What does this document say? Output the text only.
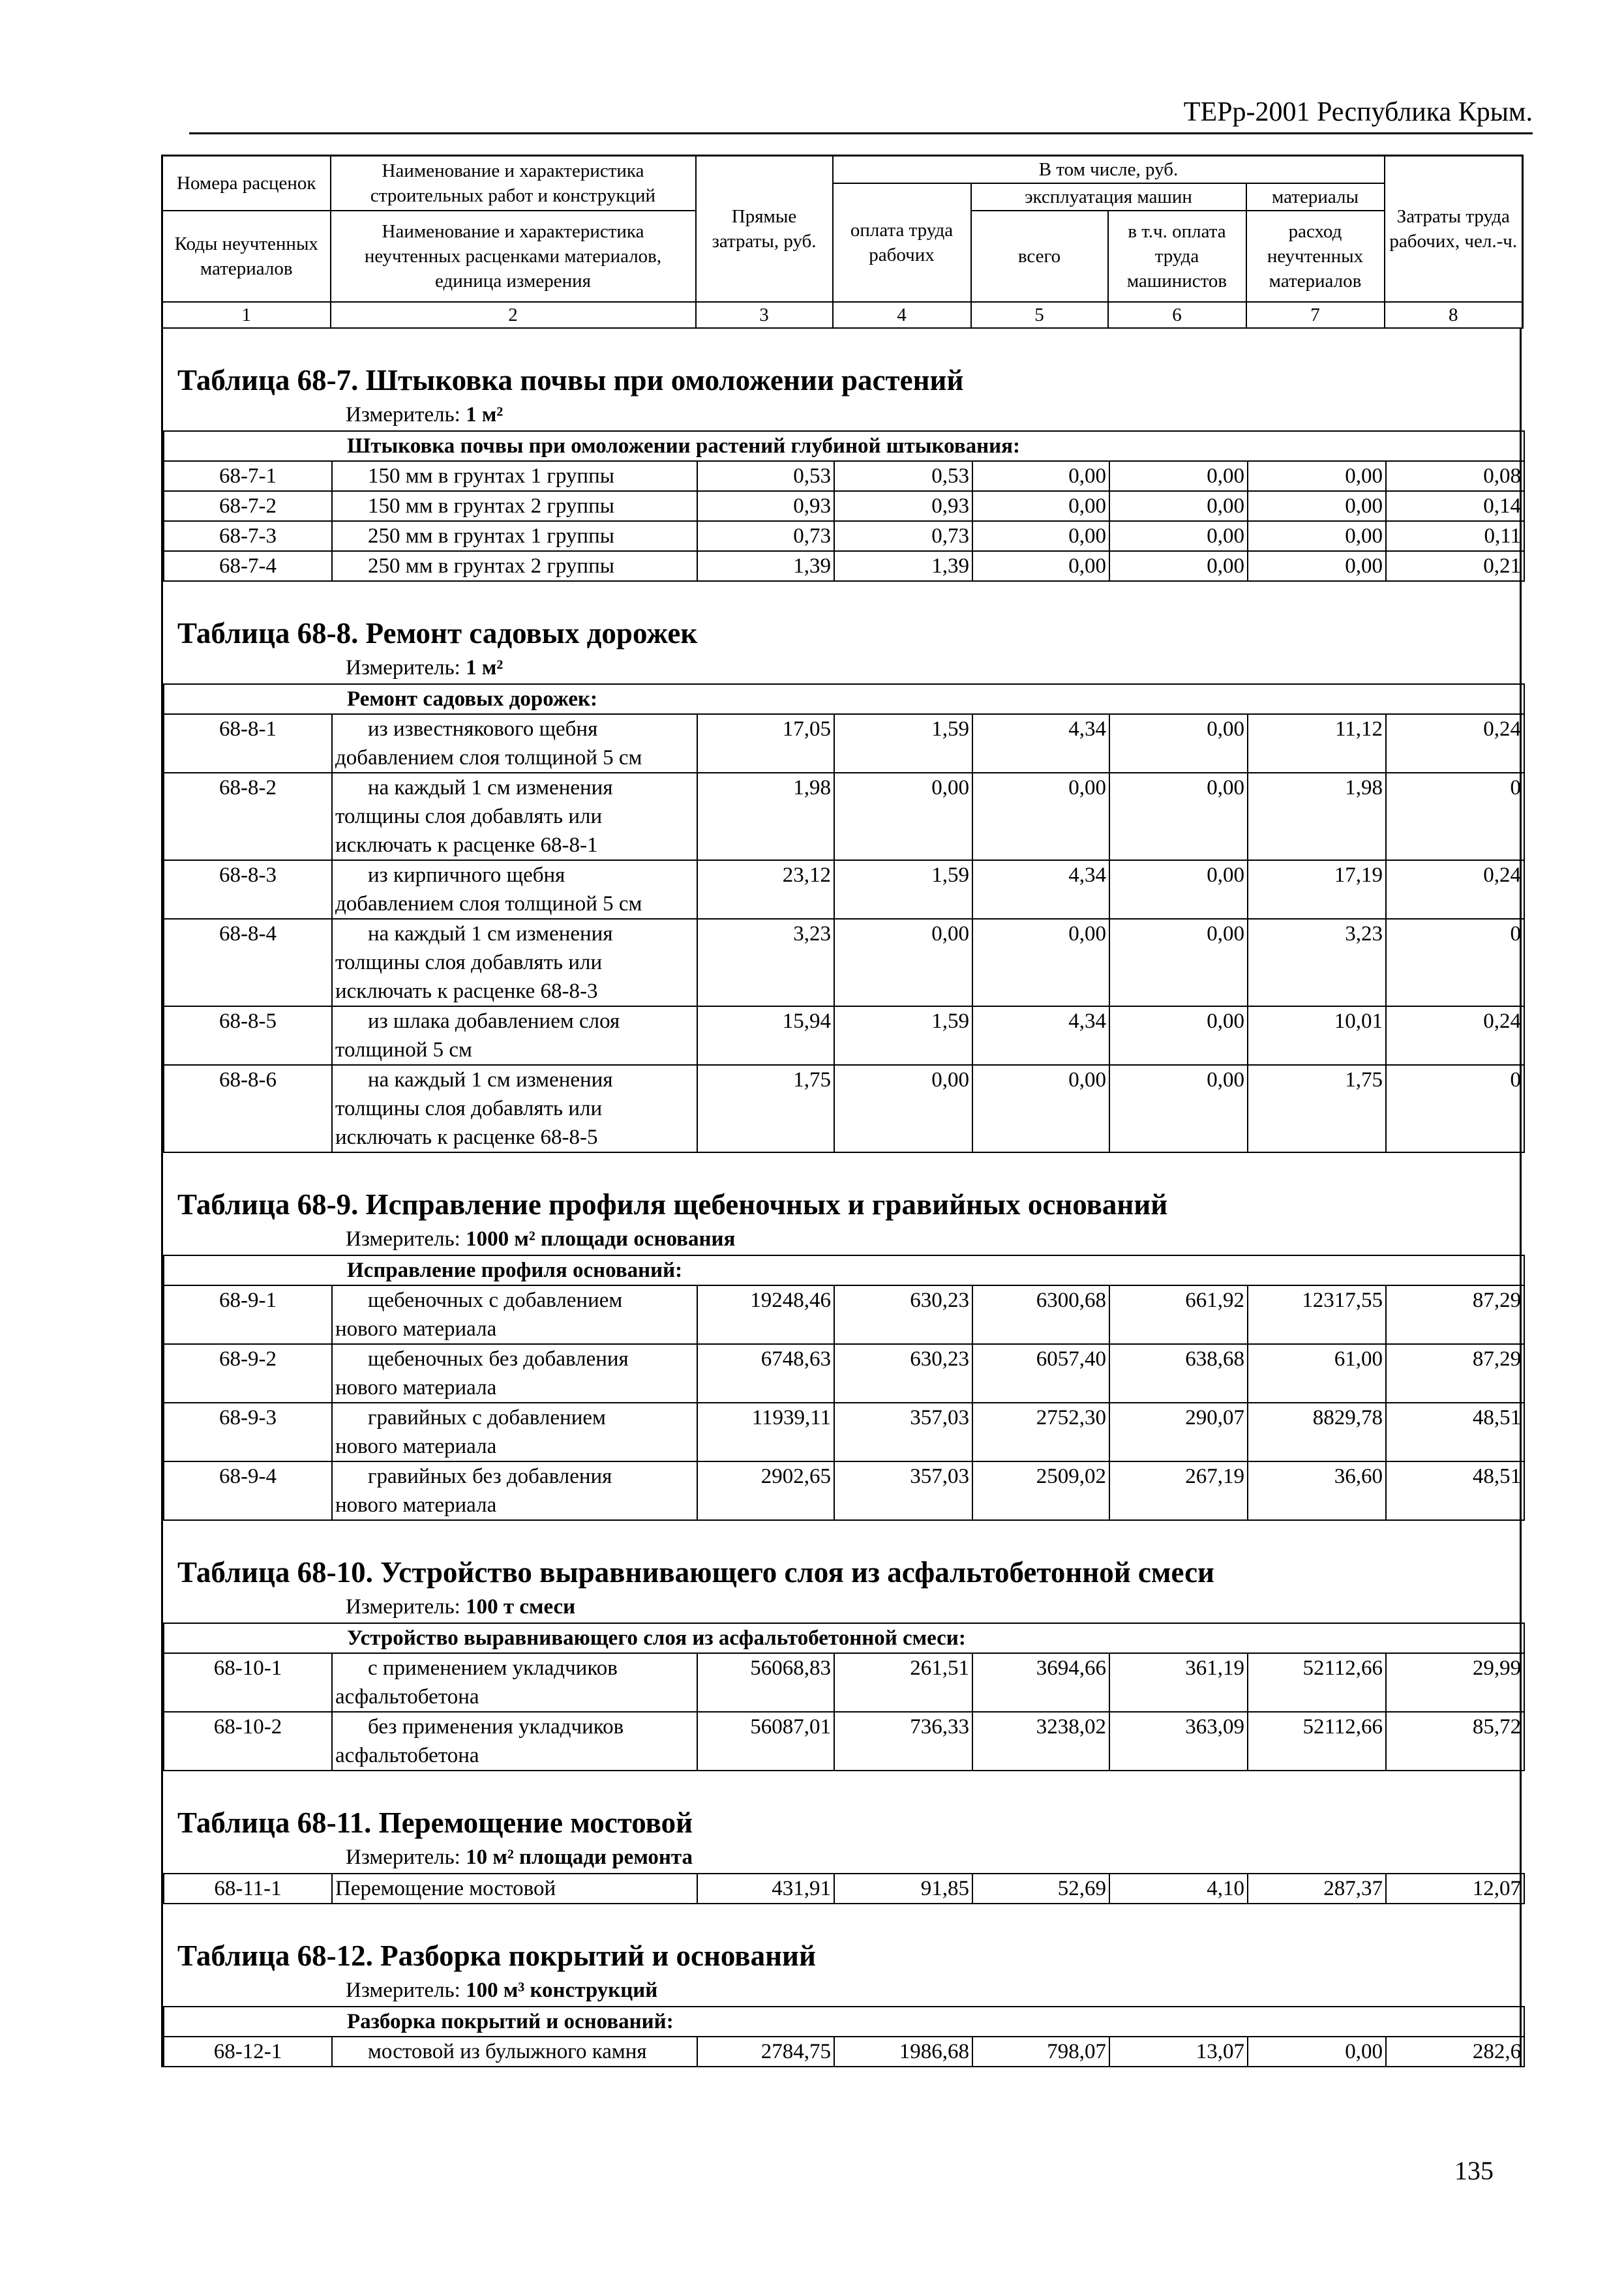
ТЕРр-2001 Республика Крым.
Номера расценок	Наименование и характеристика строительных работ и конструкций	Прямые затраты, руб.	В том числе, руб.				Затраты труда рабочих, чел.-ч.
			оплата труда рабочих	эксплуатация машин		материалы	
Коды неучтенных материалов	Наименование и характеристика неучтенных расценками материалов, единица измерения			всего	в т.ч. оплата труда машинистов	расход неучтенных материалов	

1	2	3	4	5	6	7	8
Таблица 68-7. Штыковка почвы при омоложении растений
Измеритель: 1 м²
Штыковка почвы при омоложении растений глубиной штыкования:							
68-7-1	150 мм в грунтах 1 группы	0,53	0,53	0,00	0,00	0,00	0,08
68-7-2	150 мм в грунтах 2 группы	0,93	0,93	0,00	0,00	0,00	0,14
68-7-3	250 мм в грунтах 1 группы	0,73	0,73	0,00	0,00	0,00	0,11
68-7-4	250 мм в грунтах 2 группы	1,39	1,39	0,00	0,00	0,00	0,21
Таблица 68-8. Ремонт садовых дорожек
Измеритель: 1 м²
Ремонт садовых дорожек:							
68-8-1	из известнякового щебня
добавлением слоя толщиной 5 см	17,05	1,59	4,34	0,00	11,12	0,24
68-8-2	на каждый 1 см изменения
толщины слоя добавлять или
исключать к расценке 68-8-1	1,98	0,00	0,00	0,00	1,98	0
68-8-3	из кирпичного щебня
добавлением слоя толщиной 5 см	23,12	1,59	4,34	0,00	17,19	0,24
68-8-4	на каждый 1 см изменения
толщины слоя добавлять или
исключать к расценке 68-8-3	3,23	0,00	0,00	0,00	3,23	0
68-8-5	из шлака добавлением слоя
толщиной 5 см	15,94	1,59	4,34	0,00	10,01	0,24
68-8-6	на каждый 1 см изменения
толщины слоя добавлять или
исключать к расценке 68-8-5	1,75	0,00	0,00	0,00	1,75	0
Таблица 68-9. Исправление профиля щебеночных и гравийных оснований
Измеритель: 1000 м² площади основания
Исправление профиля оснований:							
68-9-1	щебеночных с добавлением
нового материала	19248,46	630,23	6300,68	661,92	12317,55	87,29
68-9-2	щебеночных без добавления
нового материала	6748,63	630,23	6057,40	638,68	61,00	87,29
68-9-3	гравийных с добавлением
нового материала	11939,11	357,03	2752,30	290,07	8829,78	48,51
68-9-4	гравийных без добавления
нового материала	2902,65	357,03	2509,02	267,19	36,60	48,51
Таблица 68-10. Устройство выравнивающего слоя из асфальтобетонной смеси
Измеритель: 100 т смеси
Устройство выравнивающего слоя из асфальтобетонной смеси:							
68-10-1	с применением укладчиков
асфальтобетона	56068,83	261,51	3694,66	361,19	52112,66	29,99
68-10-2	без применения укладчиков
асфальтобетона	56087,01	736,33	3238,02	363,09	52112,66	85,72
Таблица 68-11. Перемощение мостовой
Измеритель: 10 м² площади ремонта
68-11-1	Перемощение мостовой	431,91	91,85	52,69	4,10	287,37	12,07
Таблица 68-12. Разборка покрытий и оснований
Измеритель: 100 м³ конструкций
Разборка покрытий и оснований:
68-12-1	мостовой из булыжного камня	2784,75	1986,68	798,07	13,07	0,00	282,6
135
